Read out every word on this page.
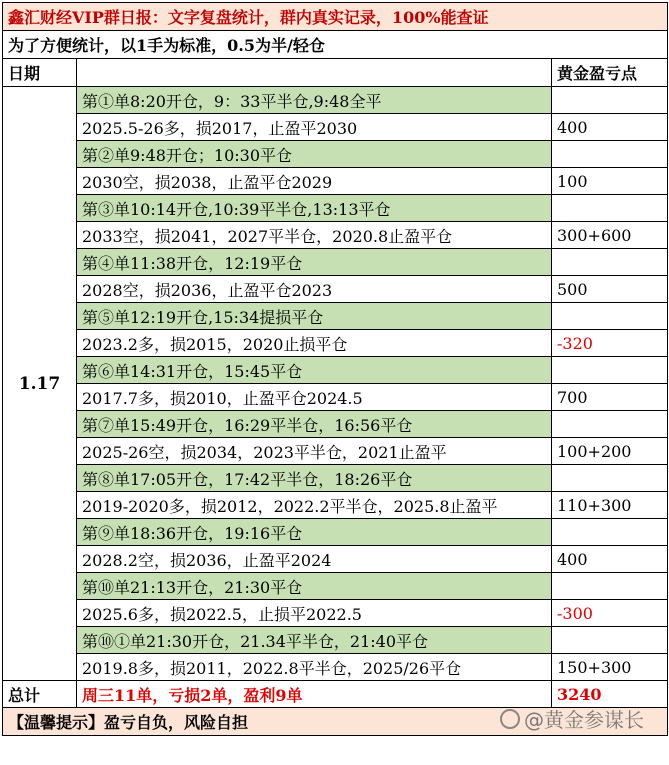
鑫汇财经VIP群日报：文字复盘统计，群内真实记录，100%能查证		
为了方便统计，以1手为标准，0.5为半/轻仓		
日期		黄金盈亏点
1.17	第①单8:20开仓，9：33平半仓,9:48全平	
	2025.5-26多，损2017，止盈平2030	400
	第②单9:48开仓；10:30平仓	
	2030空，损2038，止盈平仓2029	100
	第③单10:14开仓,10:39平半仓,13:13平仓	
	2033空，损2041，2027平半仓，2020.8止盈平仓	300+600
	第④单11:38开仓，12:19平仓	
	2028空，损2036，止盈平仓2023	500
	第⑤单12:19开仓,15:34提损平仓	
	2023.2多，损2015，2020止损平仓	-320
	第⑥单14:31开仓，15:45平仓	
	2017.7多，损2010，止盈平仓2024.5	700
	第⑦单15:49开仓，16:29平半仓，16:56平仓	
	2025-26空，损2034，2023平半仓，2021止盈平	100+200
	第⑧单17:05开仓，17:42平半仓，18:26平仓	
	2019-2020多，损2012，2022.2平半仓，2025.8止盈平	110+300
	第⑨单18:36开仓，19:16平仓	
	2028.2空，损2036，止盈平2024	400
	第⑩单21:13开仓，21:30平仓	
	2025.6多，损2022.5，止损平2022.5	-300
	第⑩①单21:30开仓，21.34平半仓，21:40平仓	
	2019.8多，损2011，2022.8平半仓，2025/26平仓	150+300
总计	周三11单，亏损2单，盈利9单	3240
【温馨提示】盈亏自负，风险自担			@黄金参谋长
